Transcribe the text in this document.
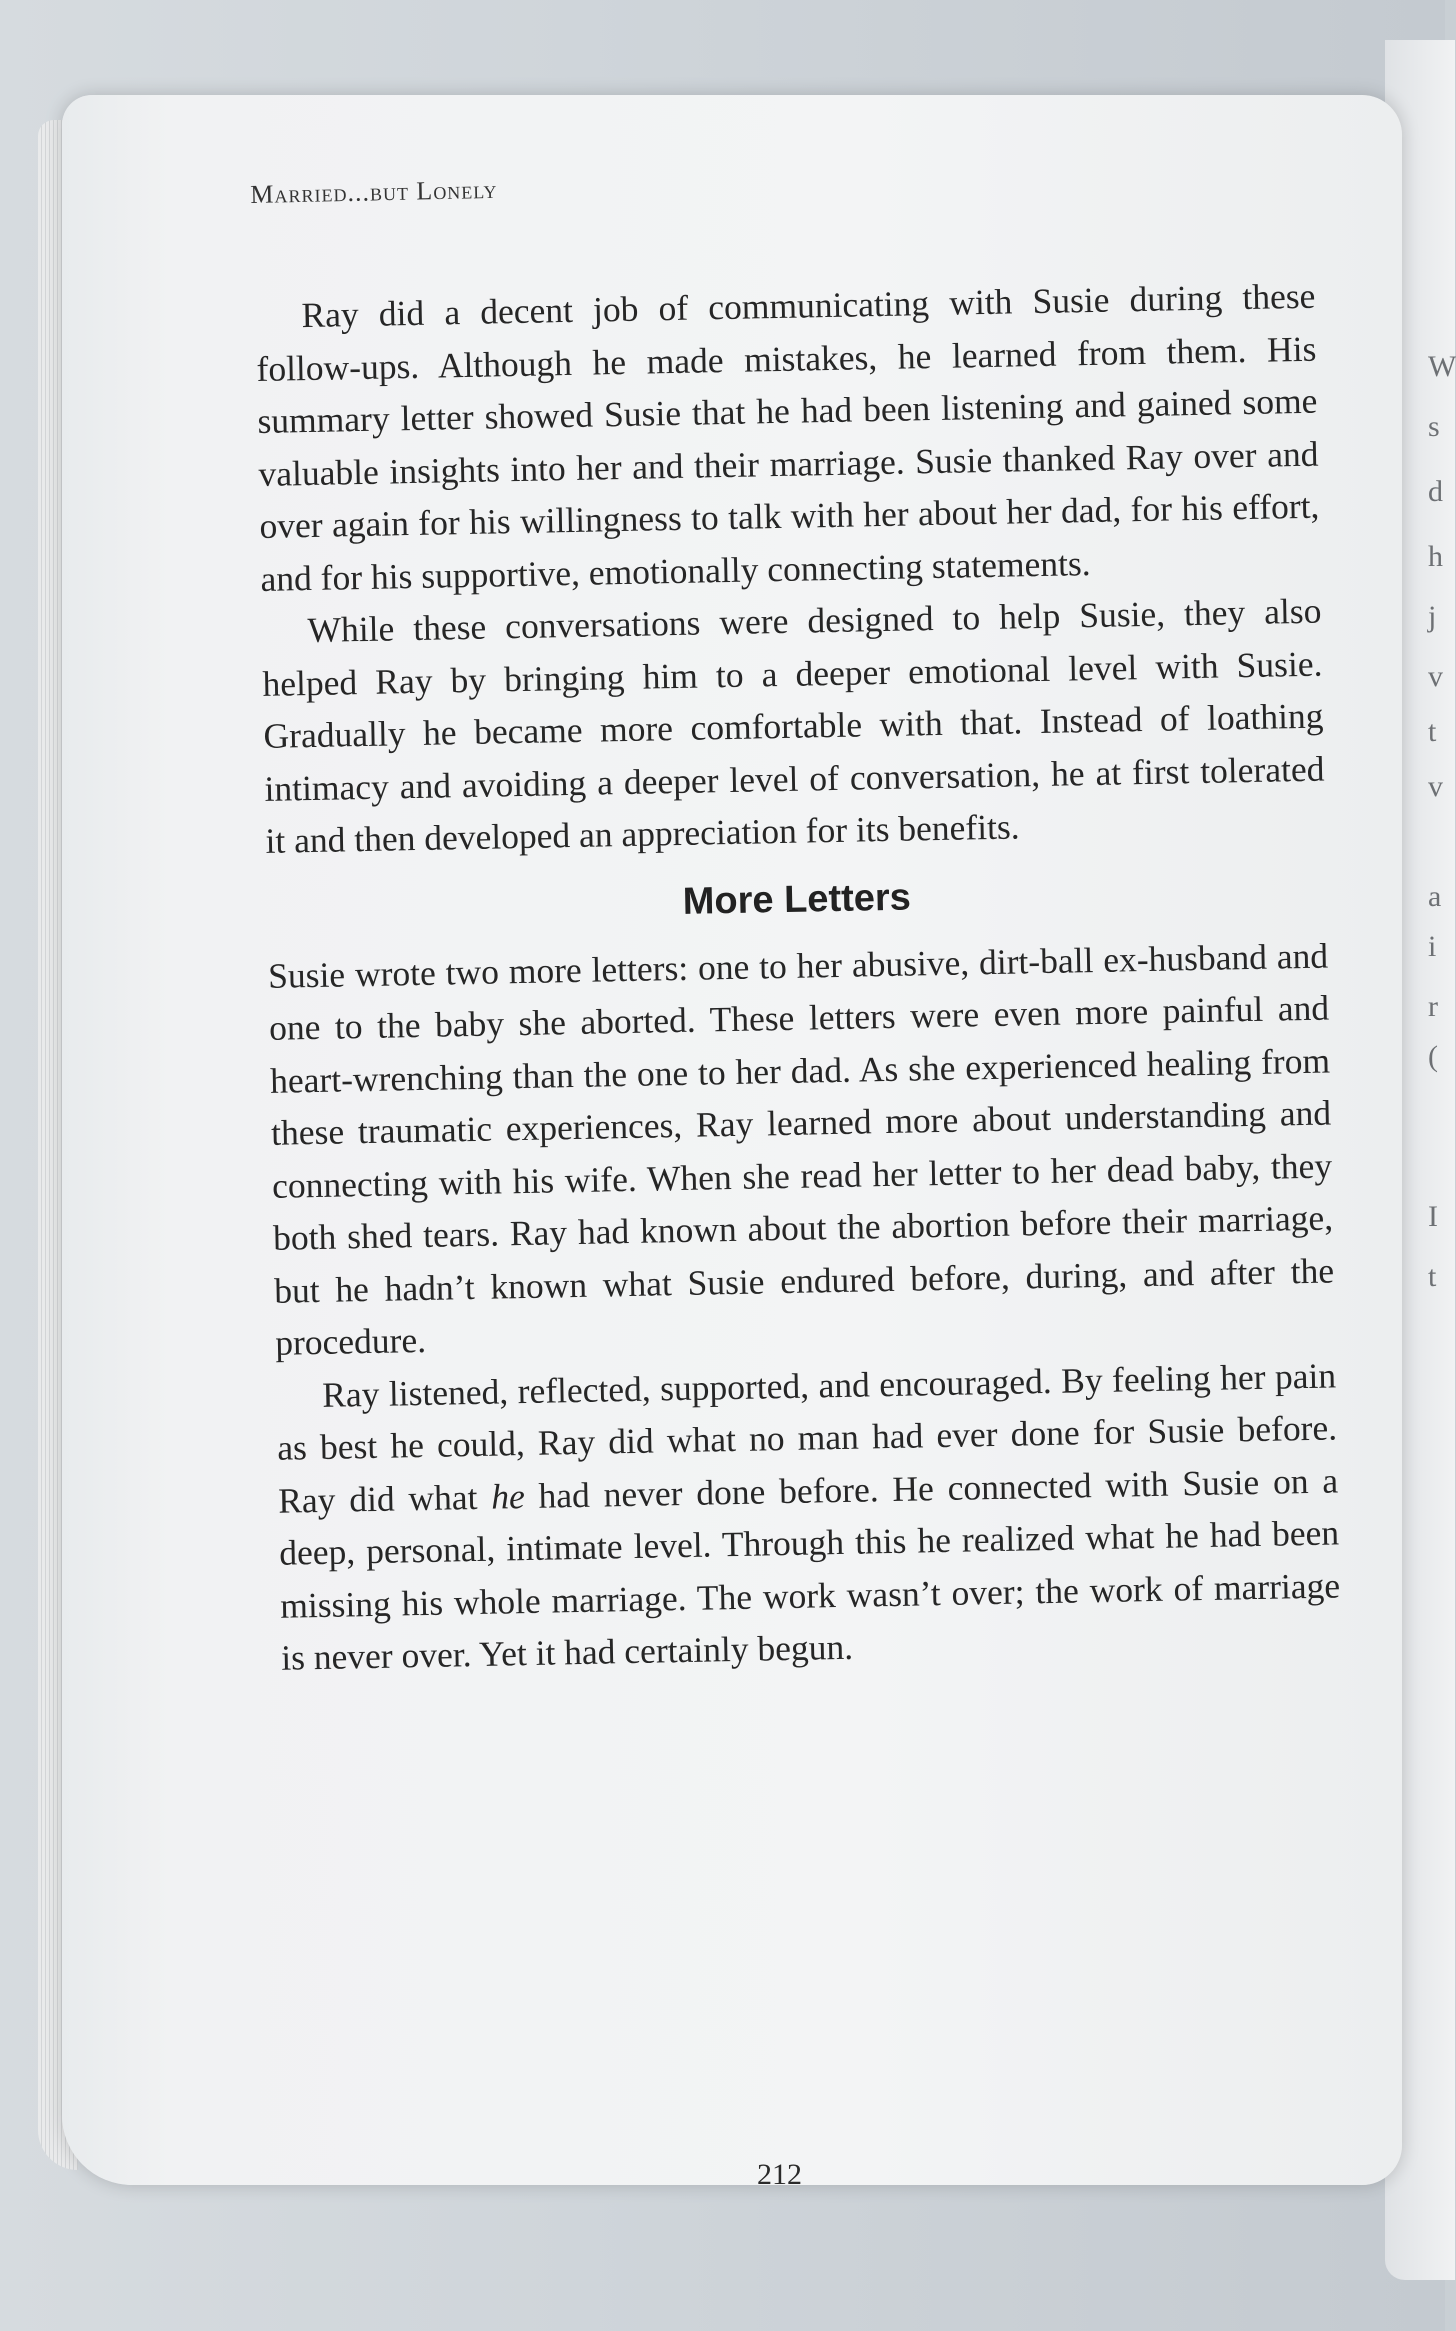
W
s
d
h
j
v
t
v
a
i
r
(
I
t
Married...but Lonely

Ray did a decent job of communicating with Susie during these follow-ups. Although he made mistakes, he learned from them. His summary letter showed Susie that he had been listening and gained some valuable insights into her and their marriage. Susie thanked Ray over and over again for his willingness to talk with her about her dad, for his effort, and for his supportive, emotionally connecting statements.

While these conversations were designed to help Susie, they also helped Ray by bringing him to a deeper emotional level with Susie. Gradually he became more comfortable with that. Instead of loathing intimacy and avoiding a deeper level of conversation, he at first tolerated it and then developed an appreciation for its benefits.

More Letters

Susie wrote two more letters: one to her abusive, dirt-ball ex-husband and one to the baby she aborted. These letters were even more painful and heart-wrenching than the one to her dad. As she experienced healing from these traumatic experiences, Ray learned more about understanding and connecting with his wife. When she read her letter to her dead baby, they both shed tears. Ray had known about the abortion before their marriage, but he hadn’t known what Susie endured before, during, and after the procedure.

Ray listened, reflected, supported, and encouraged. By feeling her pain as best he could, Ray did what no man had ever done for Susie before. Ray did what he had never done before. He connected with Susie on a deep, personal, intimate level. Through this he realized what he had been missing his whole marriage. The work wasn’t over; the work of marriage is never over. Yet it had certainly begun.

212
